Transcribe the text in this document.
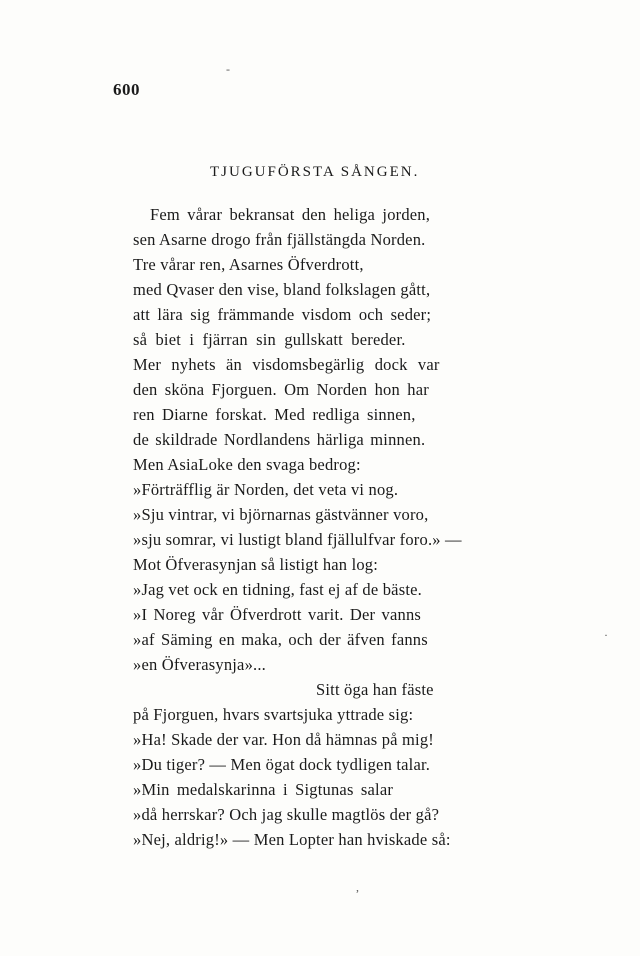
600
TJUGUFÖRSTA SÅNGEN.
Fem vårar bekransat den heliga jorden,
sen Asarne drogo från fjällstängda Norden.
Tre vårar ren, Asarnes Öfverdrott,
med Qvaser den vise, bland folkslagen gått,
att lära sig främmande visdom och seder;
så biet i fjärran sin gullskatt bereder.
Mer nyhets än visdomsbegärlig dock var
den sköna Fjorguen. Om Norden hon har
ren Diarne forskat. Med redliga sinnen,
de skildrade Nordlandens härliga minnen.
Men AsiaLoke den svaga bedrog:
»Förträfflig är Norden, det veta vi nog.
»Sju vintrar, vi björnarnas gästvänner voro,
»sju somrar, vi lustigt bland fjällulfvar foro.» —
Mot Öfverasynjan så listigt han log:
»Jag vet ock en tidning, fast ej af de bäste.
»I Noreg vår Öfverdrott varit. Der vanns
»af Säming en maka, och der äfven fanns
»en Öfverasynja»...
Sitt öga han fäste
på Fjorguen, hvars svartsjuka yttrade sig:
»Ha! Skade der var. Hon då hämnas på mig!
»Du tiger? — Men ögat dock tydligen talar.
»Min medalskarinna i Sigtunas salar
»då herrskar? Och jag skulle magtlös der gå?
»Nej, aldrig!» — Men Lopter han hviskade så:
-
·
,
